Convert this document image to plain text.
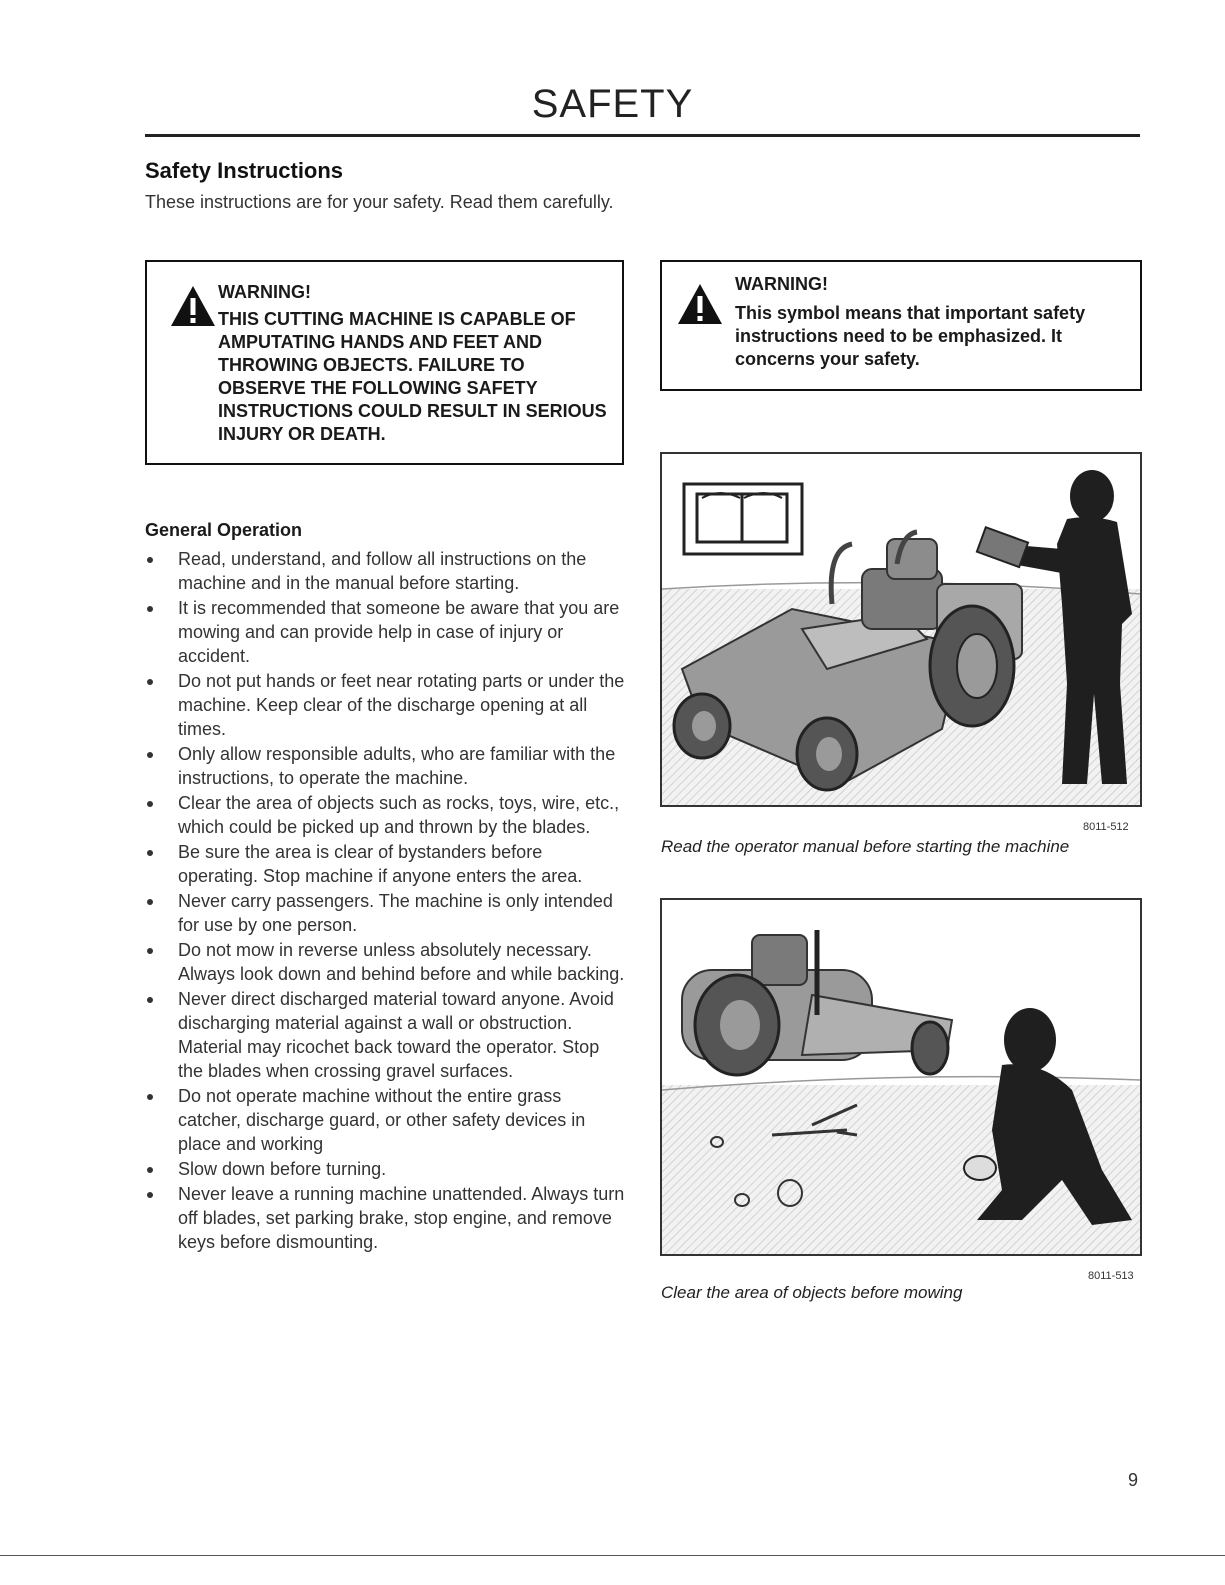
SAFETY
Safety Instructions
These instructions are for your safety. Read them carefully.
WARNING!
THIS CUTTING MACHINE IS CAPABLE OF AMPUTATING HANDS AND FEET AND THROWING OBJECTS. FAILURE TO OBSERVE THE FOLLOWING SAFETY INSTRUCTIONS COULD RESULT IN SERIOUS INJURY OR DEATH.
WARNING!
This symbol means that important safety instructions need to be emphasized. It concerns your safety.
General Operation
Read, understand, and follow all instructions on the machine and in the manual before starting.
It is recommended that someone be aware that you are mowing and can provide help in case of injury or accident.
Do not put hands or feet near rotating parts or under the machine. Keep clear of the discharge opening at all times.
Only allow responsible adults, who are familiar with the instructions, to operate the machine.
Clear the area of objects such as rocks, toys, wire, etc., which could be picked up and thrown by the blades.
Be sure the area is clear of bystanders before operating. Stop machine if anyone enters the area.
Never carry passengers. The machine is only intended for use by one person.
Do not mow in reverse unless absolutely necessary. Always look down and behind before and while backing.
Never direct discharged material toward anyone. Avoid discharging material against a wall or obstruction. Material may ricochet back toward the operator. Stop the blades when crossing gravel surfaces.
Do not operate machine without the entire grass catcher, discharge guard, or other safety devices in place and working
Slow down before turning.
Never leave a running machine unattended. Always turn off blades, set parking brake, stop engine, and remove keys before dismounting.
8011-512
Read the operator manual before starting the machine
8011-513
Clear the area of objects before mowing
9
